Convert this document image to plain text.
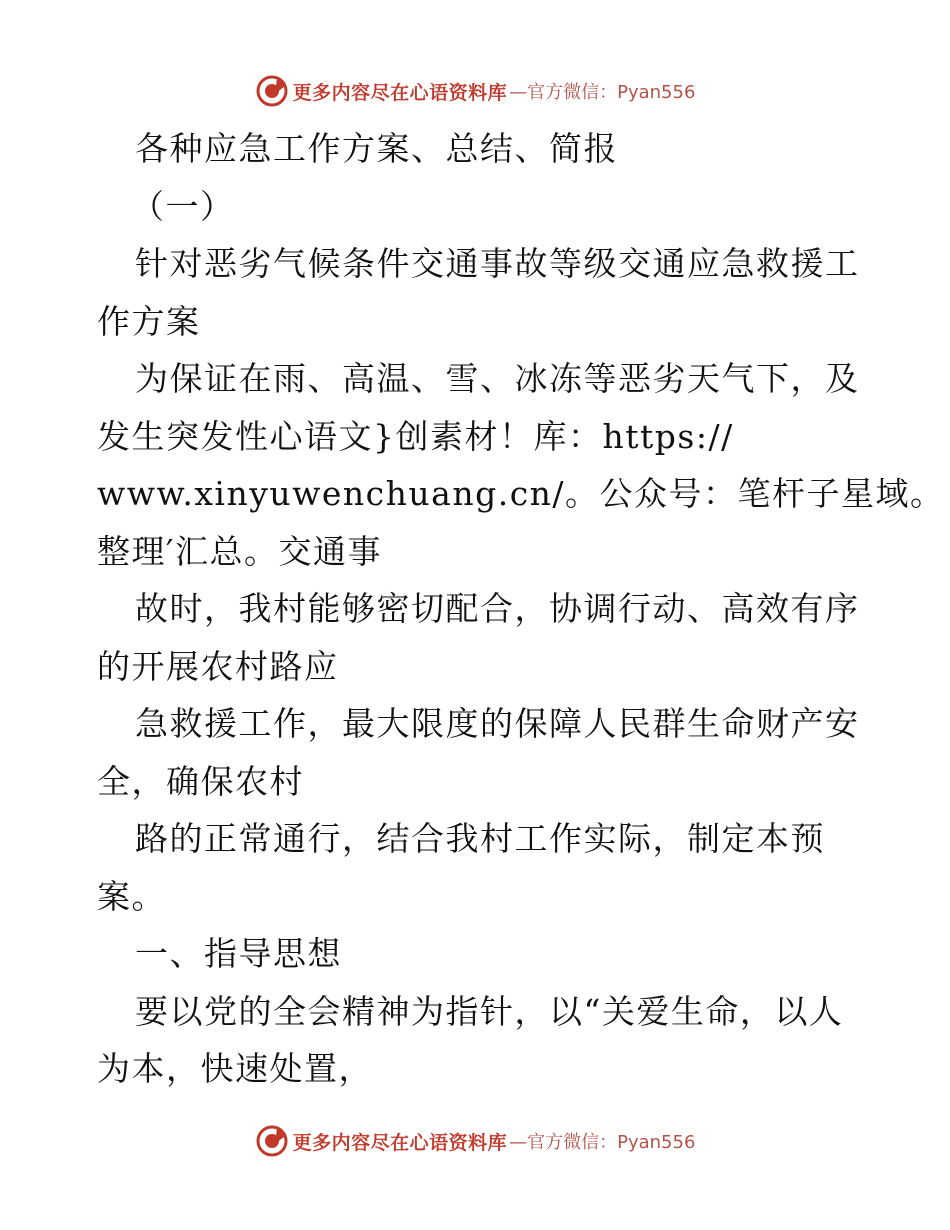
更多内容尽在心语资料库 —官方微信：Pyan556
各种应急工作方案、总结、简报
（一）
针对恶劣气候条件交通事故等级交通应急救援工
作方案
为保证在雨、高温、雪、冰冻等恶劣天气下，及
发生突发性心语文}创素材！库：https://
www.xinyuwenchuang.cn/。公众号：笔杆子星域。
整理′汇总。交通事
故时，我村能够密切配合，协调行动、高效有序
的开展农村路应
急救援工作，最大限度的保障人民群生命财产安
全，确保农村
路的正常通行，结合我村工作实际，制定本预
案。
一、指导思想
要以党的全会精神为指针，以“关爱生命，以人
为本，快速处置，
更多内容尽在心语资料库 —官方微信：Pyan556
